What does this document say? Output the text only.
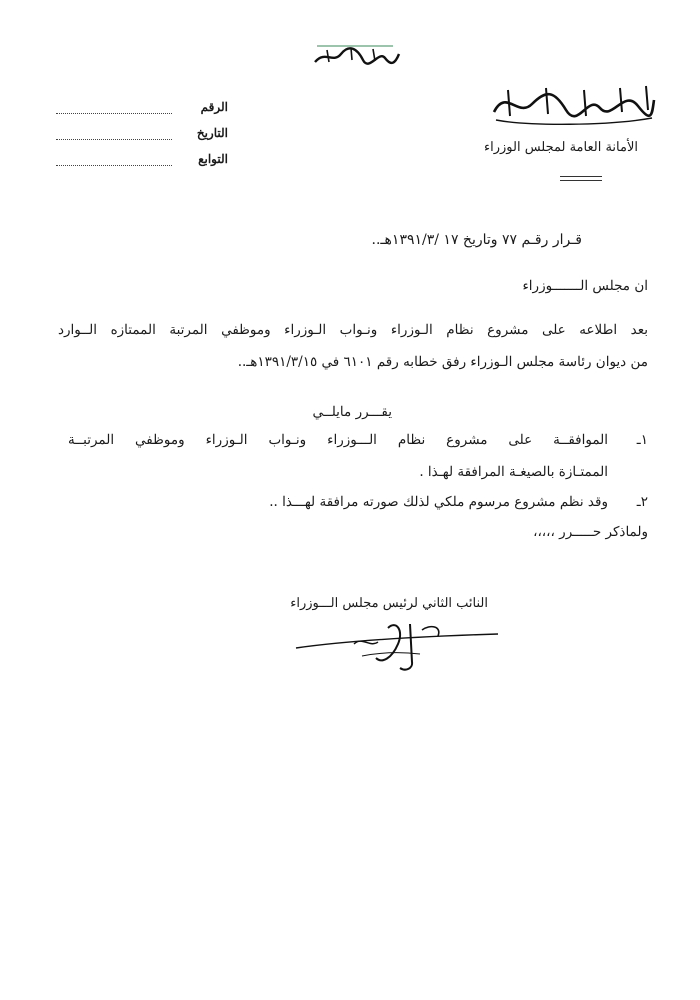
الأمانة العامة لمجلس الوزراء
الرقم
التاريخ
التوابع
قـرار رقـم ٧٧ وتاريخ ١٧ /١٣٩١/٣هـ..
ان مجلس الـــــــوزراء
بعد اطلاعه على مشروع نظام الـوزراء ونـواب الـوزراء وموظفي المرتبة الممتازه الــوارد
من ديوان رئاسة مجلس الـوزراء رفق خطابه رقم ٦١٠١ في ١٣٩١/٣/١٥هـ..
يقـــرر مايلــي
١ـ
الموافقــة على مشروع نظام الـــوزراء ونـواب الـوزراء وموظفي المرتبــة
الممتـازة بالصيغـة المرافقة لهـذا .
٢ـ
وقد نظم مشروع مرسوم ملكي لذلك صورته مرافقة لهـــذا ..
ولماذكر حـــــرر ،،،،،
النائب الثاني لرئيس مجلس الـــوزراء
